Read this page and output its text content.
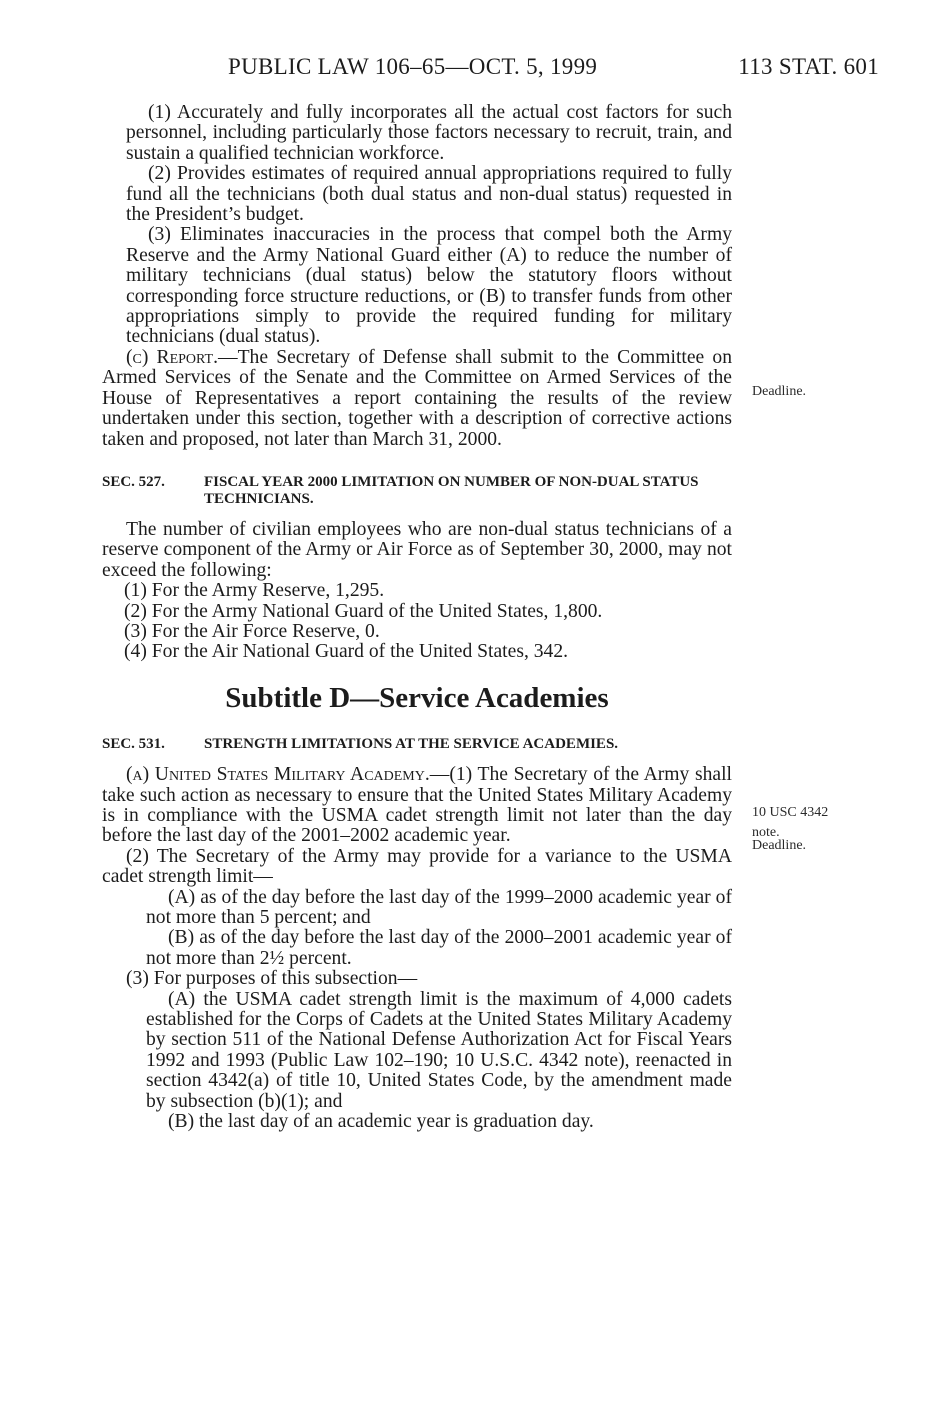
PUBLIC LAW 106–65—OCT. 5, 1999	113 STAT. 601
Deadline.
10 USC 4342
note.
Deadline.

(1) Accurately and fully incorporates all the actual cost factors for such personnel, including particularly those factors necessary to recruit, train, and sustain a qualified technician workforce.

(2) Provides estimates of required annual appropriations required to fully fund all the technicians (both dual status and non-dual status) requested in the President’s budget.

(3) Eliminates inaccuracies in the process that compel both the Army Reserve and the Army National Guard either (A) to reduce the number of military technicians (dual status) below the statutory floors without corresponding force structure reductions, or (B) to transfer funds from other appropriations simply to provide the required funding for military technicians (dual status).

(c) Report.—The Secretary of Defense shall submit to the Committee on Armed Services of the Senate and the Committee on Armed Services of the House of Representatives a report containing the results of the review undertaken under this section, together with a description of corrective actions taken and proposed, not later than March 31, 2000.

SEC. 527.	FISCAL YEAR 2000 LIMITATION ON NUMBER OF NON-DUAL STATUS TECHNICIANS.

The number of civilian employees who are non-dual status technicians of a reserve component of the Army or Air Force as of September 30, 2000, may not exceed the following:

(1) For the Army Reserve, 1,295.

(2) For the Army National Guard of the United States, 1,800.

(3) For the Air Force Reserve, 0.

(4) For the Air National Guard of the United States, 342.

Subtitle D—Service Academies
SEC. 531.	STRENGTH LIMITATIONS AT THE SERVICE ACADEMIES.

(a) United States Military Academy.—(1) The Secretary of the Army shall take such action as necessary to ensure that the United States Military Academy is in compliance with the USMA cadet strength limit not later than the day before the last day of the 2001–2002 academic year.

(2) The Secretary of the Army may provide for a variance to the USMA cadet strength limit—

(A) as of the day before the last day of the 1999–2000 academic year of not more than 5 percent; and

(B) as of the day before the last day of the 2000–2001 academic year of not more than 2½ percent.

(3) For purposes of this subsection—

(A) the USMA cadet strength limit is the maximum of 4,000 cadets established for the Corps of Cadets at the United States Military Academy by section 511 of the National Defense Authorization Act for Fiscal Years 1992 and 1993 (Public Law 102–190; 10 U.S.C. 4342 note), reenacted in section 4342(a) of title 10, United States Code, by the amendment made by subsection (b)(1); and

(B) the last day of an academic year is graduation day.
